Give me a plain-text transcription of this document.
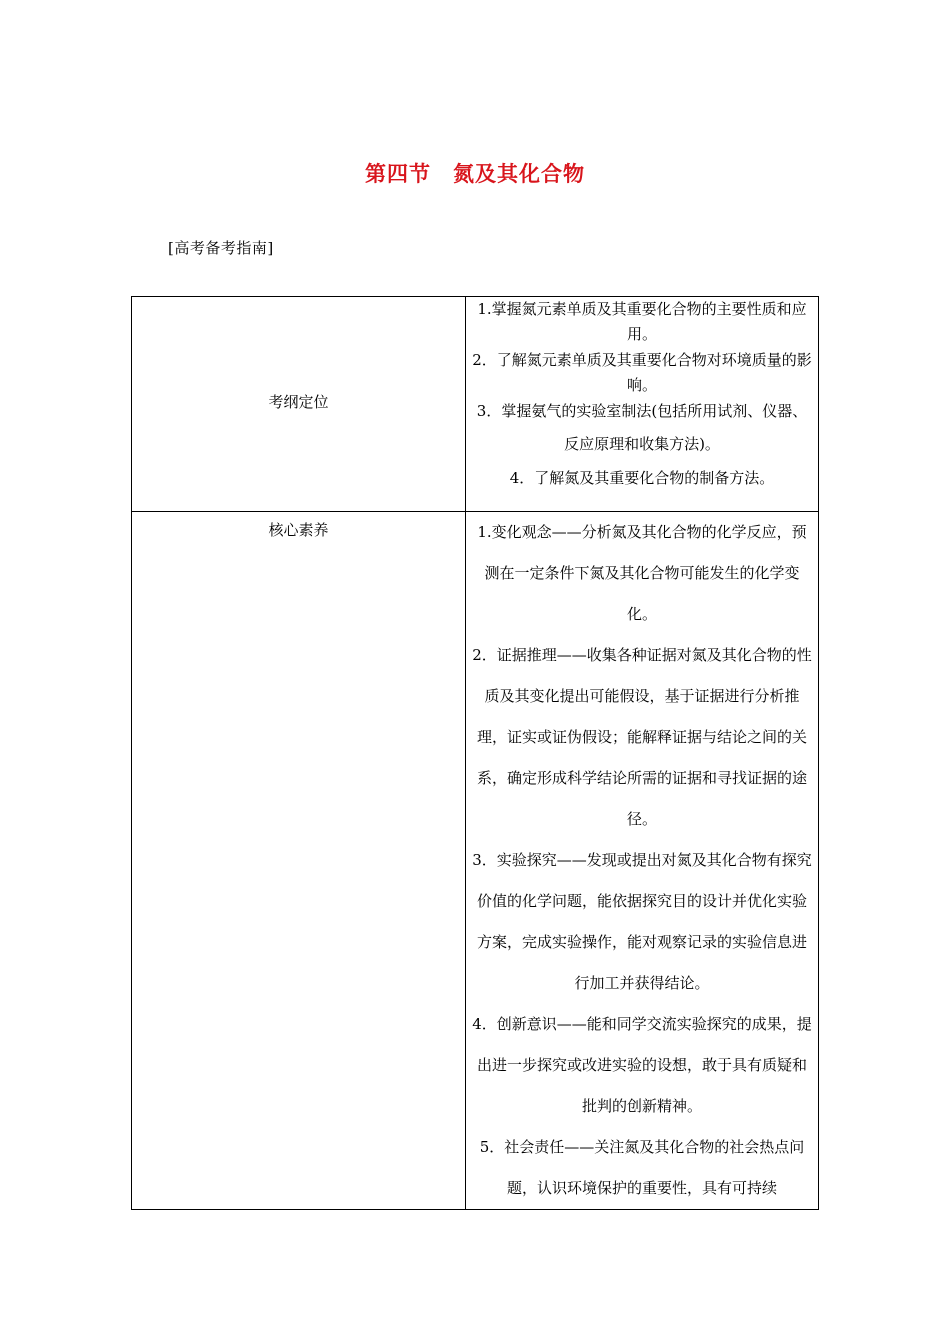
第四节　氮及其化合物
[高考备考指南]
考纲定位	1.掌握氮元素单质及其重要化合物的主要性质和应用。
2．了解氮元素单质及其重要化合物对环境质量的影响。
3．掌握氨气的实验室制法(包括所用试剂、仪器、反应原理和收集方法)。
4．了解氮及其重要化合物的制备方法。

核心素养	1.变化观念——分析氮及其化合物的化学反应，预测在一定条件下氮及其化合物可能发生的化学变化。
2．证据推理——收集各种证据对氮及其化合物的性质及其变化提出可能假设，基于证据进行分析推理，证实或证伪假设；能解释证据与结论之间的关系，确定形成科学结论所需的证据和寻找证据的途径。
3．实验探究——发现或提出对氮及其化合物有探究价值的化学问题，能依据探究目的设计并优化实验方案，完成实验操作，能对观察记录的实验信息进行加工并获得结论。
4．创新意识——能和同学交流实验探究的成果，提出进一步探究或改进实验的设想，敢于具有质疑和批判的创新精神。
5．社会责任——关注氮及其化合物的社会热点问题，认识环境保护的重要性，具有可持续
